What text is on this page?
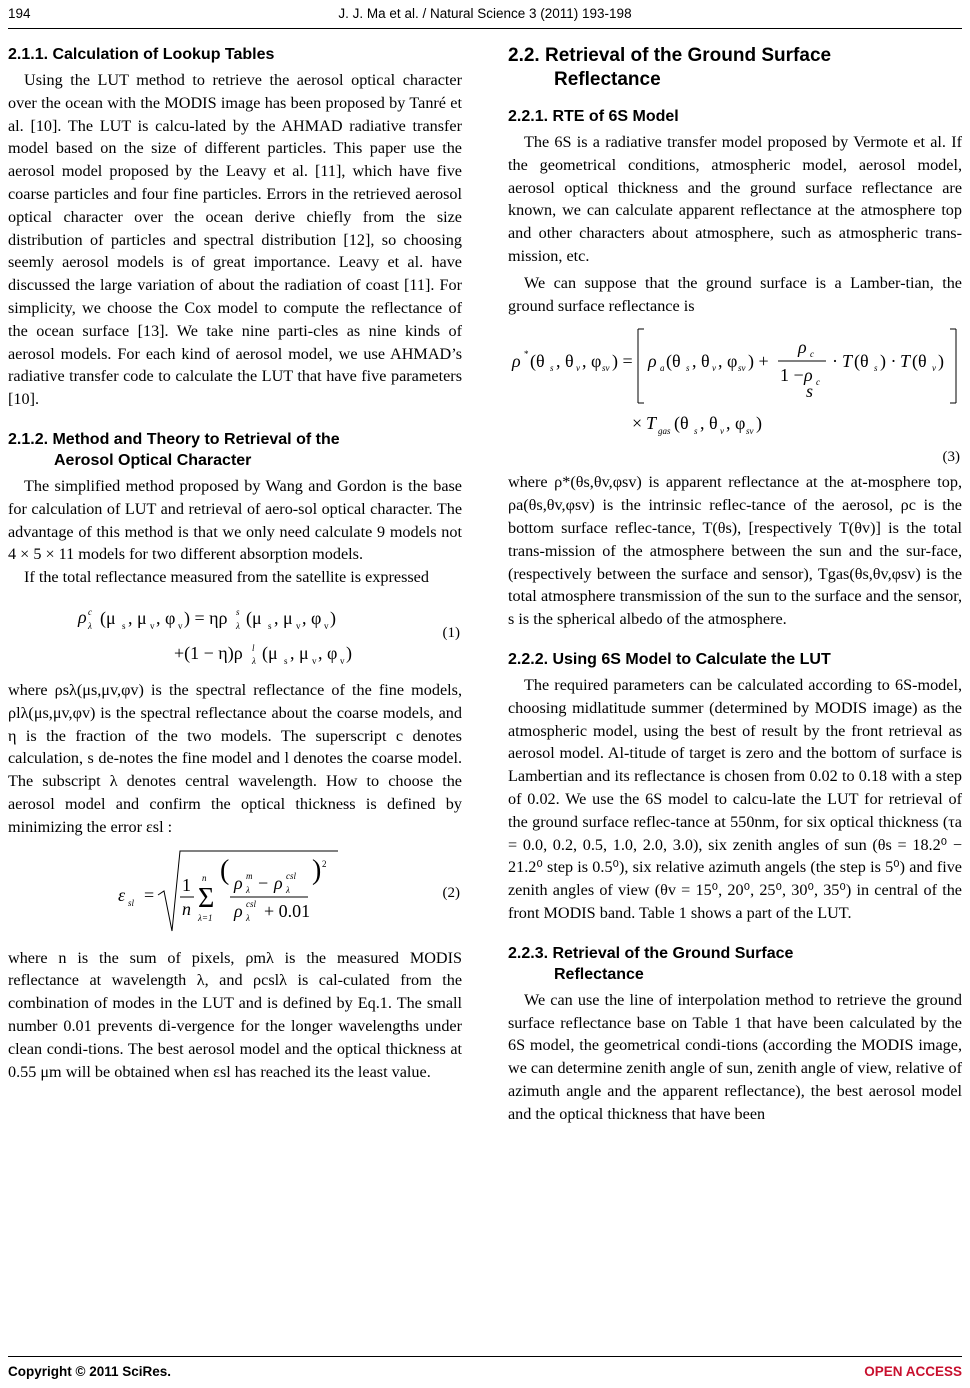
194	J. J. Ma et al. / Natural Science 3 (2011) 193-198
2.1.1. Calculation of Lookup Tables

Using the LUT method to retrieve the aerosol optical character over the ocean with the MODIS image has been proposed by Tanré et al. [10]. The LUT is calcu-lated by the AHMAD radiative transfer model based on the size of different particles. This paper use the aerosol model proposed by the Leavy et al. [11], which have five coarse particles and four fine particles. Errors in the retrieved aerosol optical character over the ocean derive chiefly from the size distribution of particles and spectral distribution [12], so choosing seemly aerosol models is of great importance. Leavy et al. have discussed the large variation of about the radiation of coast [11]. For simplicity, we choose the Cox model to compute the reflectance of the ocean surface [13]. We take nine parti-cles as nine kinds of aerosol models. For each kind of aerosol model, we use AHMAD’s radiative transfer code to calculate the LUT that have five parameters [10].

2.1.2. Method and Theory to Retrieval of the
Aerosol Optical Character

The simplified method proposed by Wang and Gordon is the base for calculation of LUT and retrieval of aero-sol optical character. The advantage of this method is that we only need calculate 9 models not 4 × 5 × 11 models for two different absorption models.

If the total reflectance measured from the satellite is expressed

ρ c
λ (μ s , μ v , φ v ) = ηρ s
λ (μ s , μ v , φ v )
+(1 − η)ρ l
λ (μ s , μ v , φ v )
(1)

where ρsλ(μs,μv,φv) is the spectral reflectance of the fine models, ρlλ(μs,μv,φv) is the spectral reflectance about the coarse models, and η is the fraction of the two models. The superscript c denotes calculation, s de-notes the fine model and l denotes the coarse model. The subscript λ denotes central wavelength. How to choose the aerosol model and confirm the optical thickness is defined by minimizing the error εsl :

ε sl = 1
n Σ
n
λ=1
( ρ m
λ − ρ csl
λ
ρ csl
λ + 0.01
) 2
(2)

where n is the sum of pixels, ρmλ is the measured MODIS reflectance at wavelength λ, and ρcslλ is cal-culated from the combination of modes in the LUT and is defined by Eq.1. The small number 0.01 prevents di-vergence for the longer wavelengths under clean condi-tions. The best aerosol model and the optical thickness at 0.55 μm will be obtained when εsl has reached its the least value.

2.2. Retrieval of the Ground Surface
Reflectance
2.2.1. RTE of 6S Model

The 6S is a radiative transfer model proposed by Vermote et al. If the geometrical conditions, atmospheric model, aerosol model, aerosol optical thickness and the ground surface reflectance are known, we can calculate apparent reflectance at the atmosphere top and other characters about atmosphere, such as atmospheric trans-mission, etc.

We can suppose that the ground surface is a Lamber-tian, the ground surface reflectance is

ρ * (θ s , θ v , φ sv ) = ρ a (θ s , θ v , φ sv ) +
ρ c
1 − ρ c
s
· T (θ s ) · T (θ v )
× T gas (θ s , θ v , φ sv )
(3)

where ρ*(θs,θv,φsv) is apparent reflectance at the at-mosphere top, ρa(θs,θv,φsv) is the intrinsic reflec-tance of the aerosol, ρc is the bottom surface reflec-tance, T(θs), [respectively T(θv)] is the total trans-mission of the atmosphere between the sun and the sur-face, (respectively between the surface and sensor), Tgas(θs,θv,φsv) is the total atmosphere transmission of the sun to the surface and the sensor, s is the spherical albedo of the atmosphere.

2.2.2. Using 6S Model to Calculate the LUT

The required parameters can be calculated according to 6S-model, choosing midlatitude summer (determined by MODIS image) as the atmospheric model, using the best of result by the front retrieval as aerosol model. Al-titude of target is zero and the bottom of surface is Lambertian and its reflectance is chosen from 0.02 to 0.18 with a step of 0.02. We use the 6S model to calcu-late the LUT for retrieval of the ground surface reflec-tance at 550nm, for six optical thickness (τa = 0.0, 0.2, 0.5, 1.0, 2.0, 3.0), six zenith angles of sun (θs = 18.2⁰ − 21.2⁰ step is 0.5⁰), six relative azimuth angels (the step is 5⁰) and five zenith angles of view (θv = 15⁰, 20⁰, 25⁰, 30⁰, 35⁰) in central of the front MODIS band. Table 1 shows a part of the LUT.

2.2.3. Retrieval of the Ground Surface
Reflectance

We can use the line of interpolation method to retrieve the ground surface reflectance base on Table 1 that have been calculated by the 6S model, the geometrical condi-tions (according the MODIS image, we can determine zenith angle of sun, zenith angle of view, relative of azimuth angle and the apparent reflectance), the best aerosol model and the optical thickness that have been

Copyright © 2011 SciRes.	OPEN ACCESS
